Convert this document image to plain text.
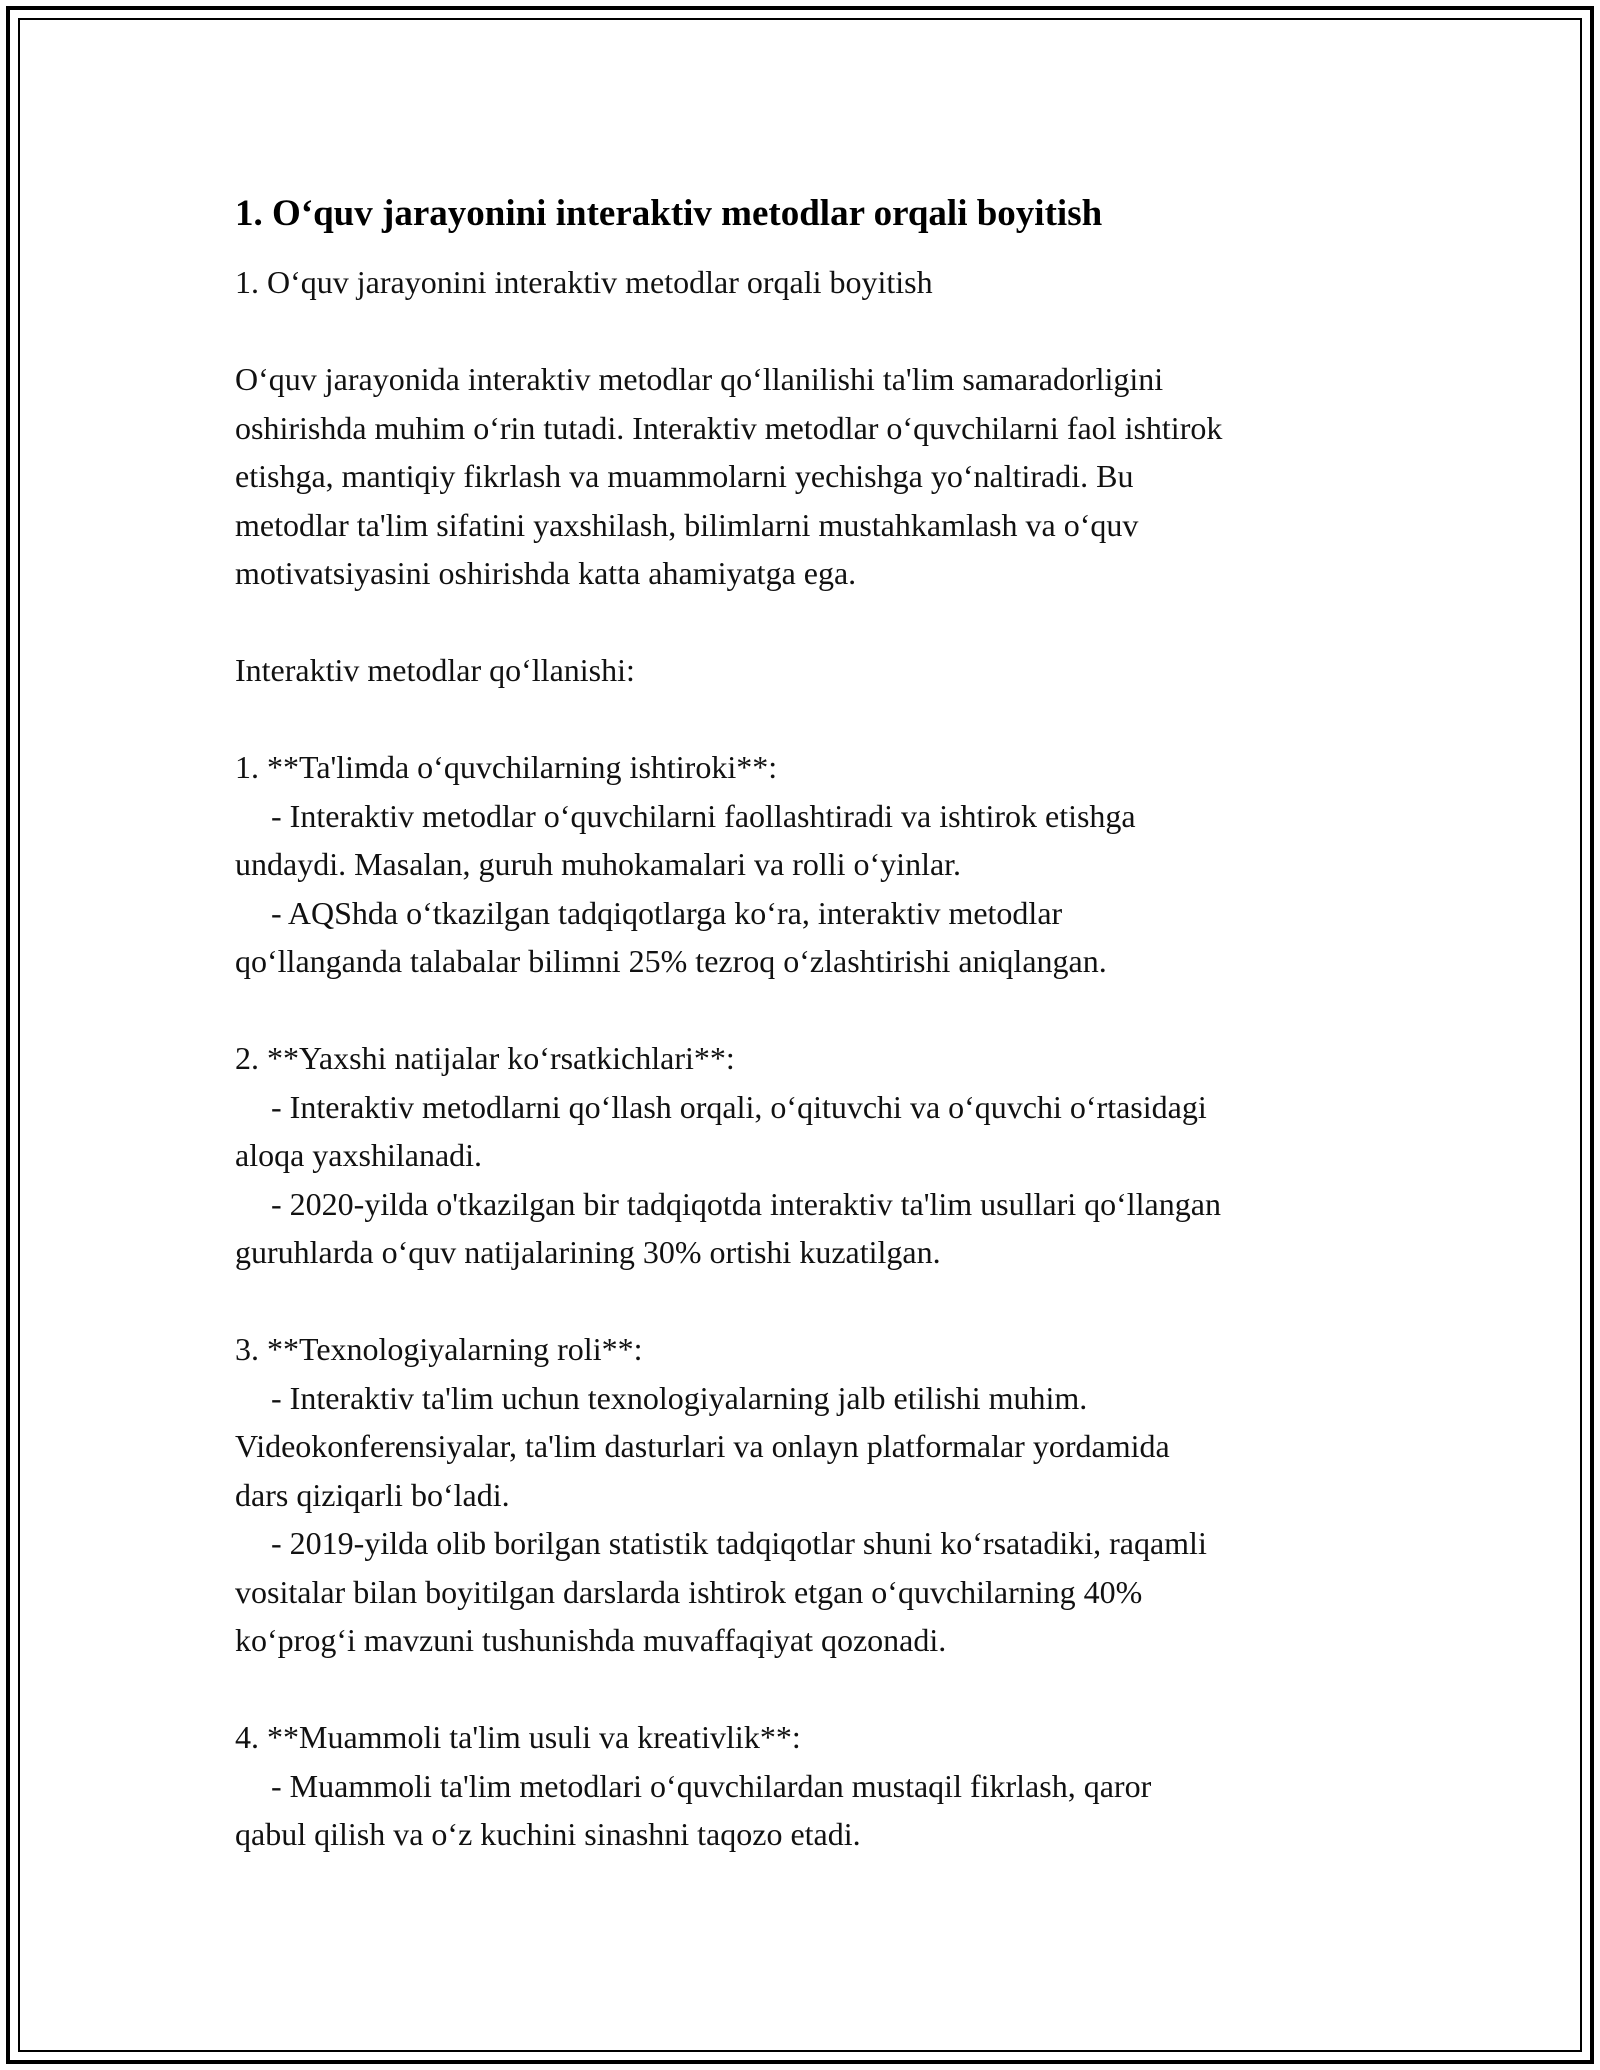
1. O‘quv jarayonini interaktiv metodlar orqali boyitish

1. O‘quv jarayonini interaktiv metodlar orqali boyitish

O‘quv jarayonida interaktiv metodlar qo‘llanilishi ta'lim samaradorligini

oshirishda muhim o‘rin tutadi. Interaktiv metodlar o‘quvchilarni faol ishtirok

etishga, mantiqiy fikrlash va muammolarni yechishga yo‘naltiradi. Bu

metodlar ta'lim sifatini yaxshilash, bilimlarni mustahkamlash va o‘quv

motivatsiyasini oshirishda katta ahamiyatga ega.

Interaktiv metodlar qo‘llanishi:

1. **Ta'limda o‘quvchilarning ishtiroki**:

- Interaktiv metodlar o‘quvchilarni faollashtiradi va ishtirok etishga

undaydi. Masalan, guruh muhokamalari va rolli o‘yinlar.

- AQShda o‘tkazilgan tadqiqotlarga ko‘ra, interaktiv metodlar

qo‘llanganda talabalar bilimni 25% tezroq o‘zlashtirishi aniqlangan.

2. **Yaxshi natijalar ko‘rsatkichlari**:

- Interaktiv metodlarni qo‘llash orqali, o‘qituvchi va o‘quvchi o‘rtasidagi

aloqa yaxshilanadi.

- 2020-yilda o'tkazilgan bir tadqiqotda interaktiv ta'lim usullari qo‘llangan

guruhlarda o‘quv natijalarining 30% ortishi kuzatilgan.

3. **Texnologiyalarning roli**:

- Interaktiv ta'lim uchun texnologiyalarning jalb etilishi muhim.

Videokonferensiyalar, ta'lim dasturlari va onlayn platformalar yordamida

dars qiziqarli bo‘ladi.

- 2019-yilda olib borilgan statistik tadqiqotlar shuni ko‘rsatadiki, raqamli

vositalar bilan boyitilgan darslarda ishtirok etgan o‘quvchilarning 40%

ko‘prog‘i mavzuni tushunishda muvaffaqiyat qozonadi.

4. **Muammoli ta'lim usuli va kreativlik**:

- Muammoli ta'lim metodlari o‘quvchilardan mustaqil fikrlash, qaror

qabul qilish va o‘z kuchini sinashni taqozo etadi.
